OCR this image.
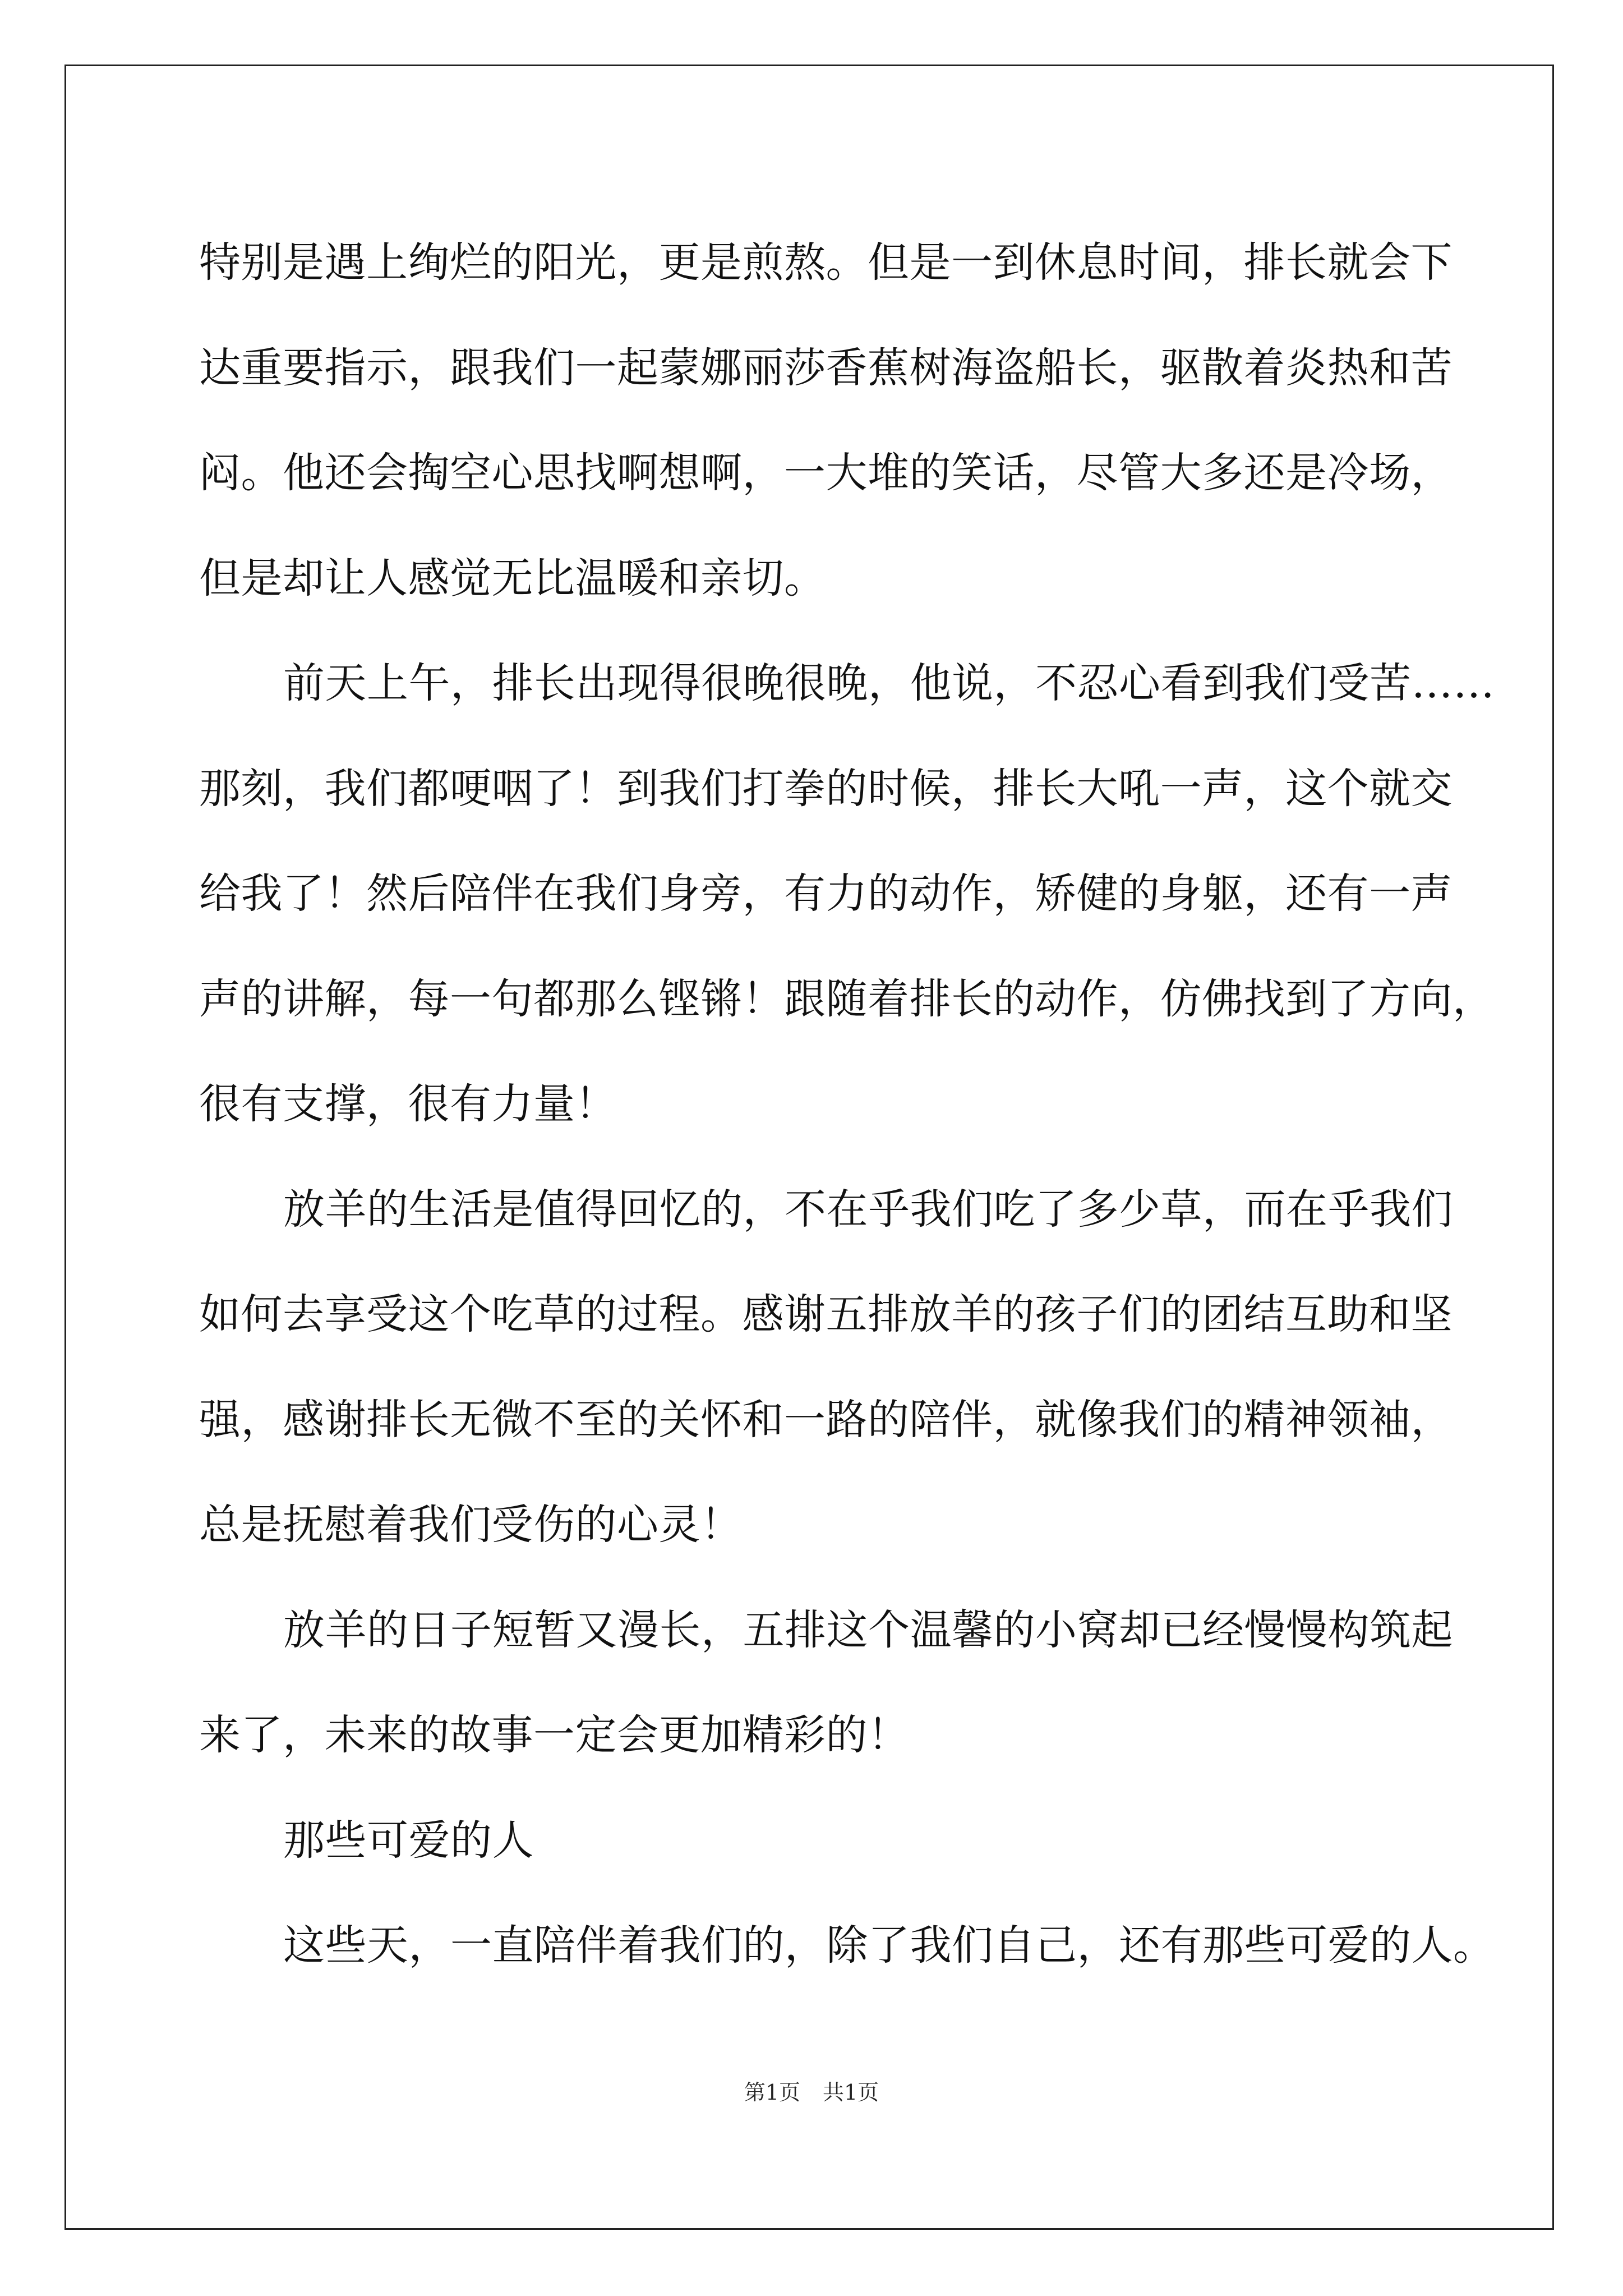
特别是遇上绚烂的阳光，更是煎熬。但是一到休息时间，排长就会下
达重要指示，跟我们一起蒙娜丽莎香蕉树海盗船长，驱散着炎热和苦
闷。他还会掏空心思找啊想啊，一大堆的笑话，尽管大多还是冷场，
但是却让人感觉无比温暖和亲切。
前天上午，排长出现得很晚很晚，他说，不忍心看到我们受苦……
那刻，我们都哽咽了！到我们打拳的时候，排长大吼一声，这个就交
给我了！然后陪伴在我们身旁，有力的动作，矫健的身躯，还有一声
声的讲解，每一句都那么铿锵！跟随着排长的动作，仿佛找到了方向，
很有支撑，很有力量！
放羊的生活是值得回忆的，不在乎我们吃了多少草，而在乎我们
如何去享受这个吃草的过程。感谢五排放羊的孩子们的团结互助和坚
强，感谢排长无微不至的关怀和一路的陪伴，就像我们的精神领袖，
总是抚慰着我们受伤的心灵！
放羊的日子短暂又漫长，五排这个温馨的小窝却已经慢慢构筑起
来了，未来的故事一定会更加精彩的！
那些可爱的人
这些天，一直陪伴着我们的，除了我们自己，还有那些可爱的人。
第1页 共1页
